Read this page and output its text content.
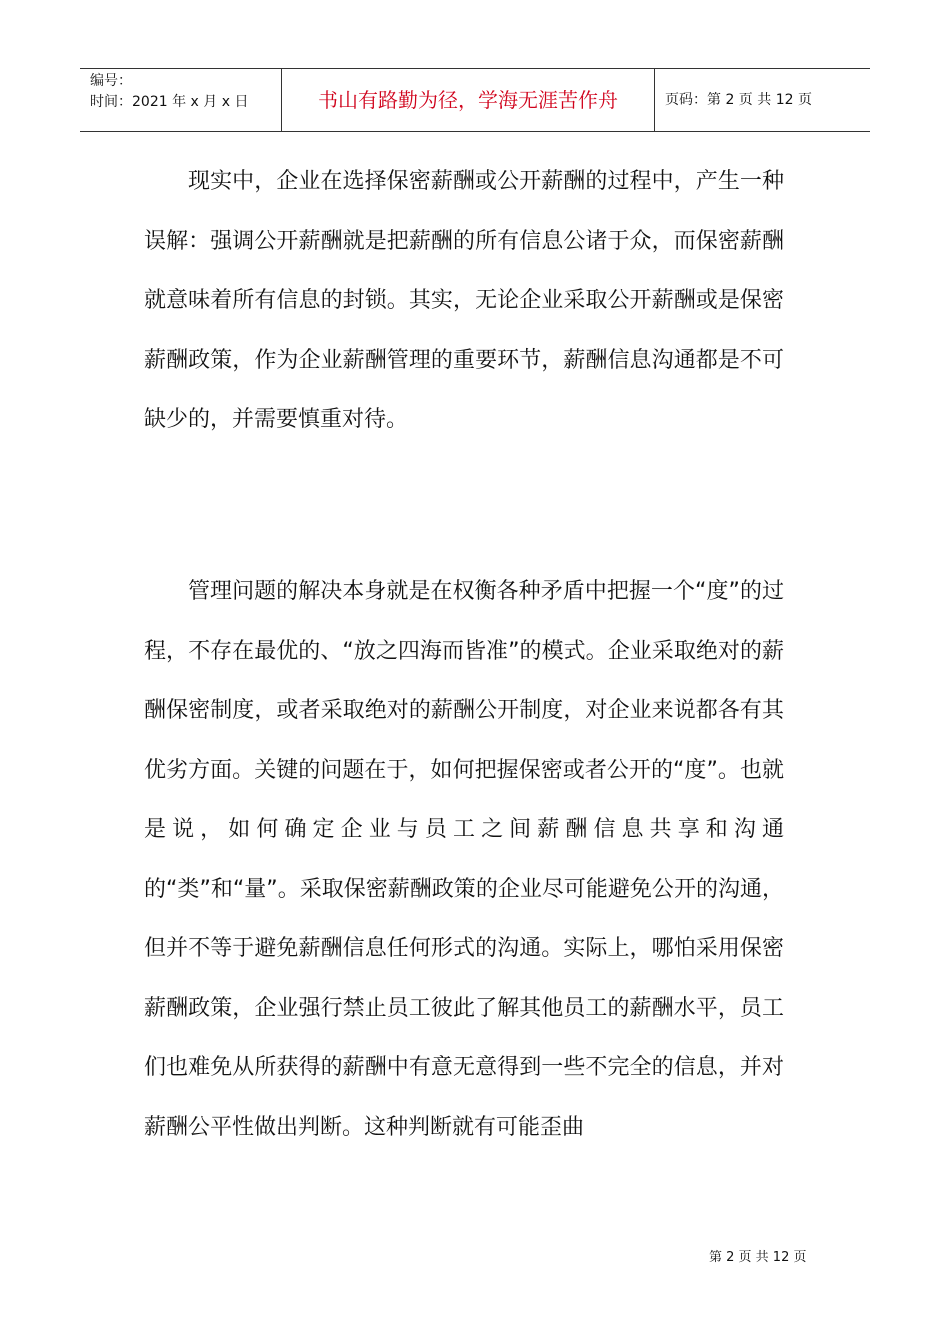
编号：
时间：2021 年 x 月 x 日	书山有路勤为径，学海无涯苦作舟	页码：第 2 页 共 12 页
现实中，企业在选择保密薪酬或公开薪酬的过程中，产生一种误解：强调公开薪酬就是把薪酬的所有信息公诸于众，而保密薪酬就意味着所有信息的封锁。其实，无论企业采取公开薪酬或是保密薪酬政策，作为企业薪酬管理的重要环节，薪酬信息沟通都是不可缺少的，并需要慎重对待。
管理问题的解决本身就是在权衡各种矛盾中把握一个“度”的过程，不存在最优的、“放之四海而皆准”的模式。企业采取绝对的薪酬保密制度，或者采取绝对的薪酬公开制度，对企业来说都各有其优劣方面。关键的问题在于，如何把握保密或者公开的“度”。也就是说，如何确定企业与员工之间薪酬信息共享和沟通的“类”和“量”。采取保密薪酬政策的企业尽可能避免公开的沟通，但并不等于避免薪酬信息任何形式的沟通。实际上，哪怕采用保密薪酬政策，企业强行禁止员工彼此了解其他员工的薪酬水平，员工们也难免从所获得的薪酬中有意无意得到一些不完全的信息，并对薪酬公平性做出判断。这种判断就有可能歪曲
第 2 页 共 12 页
